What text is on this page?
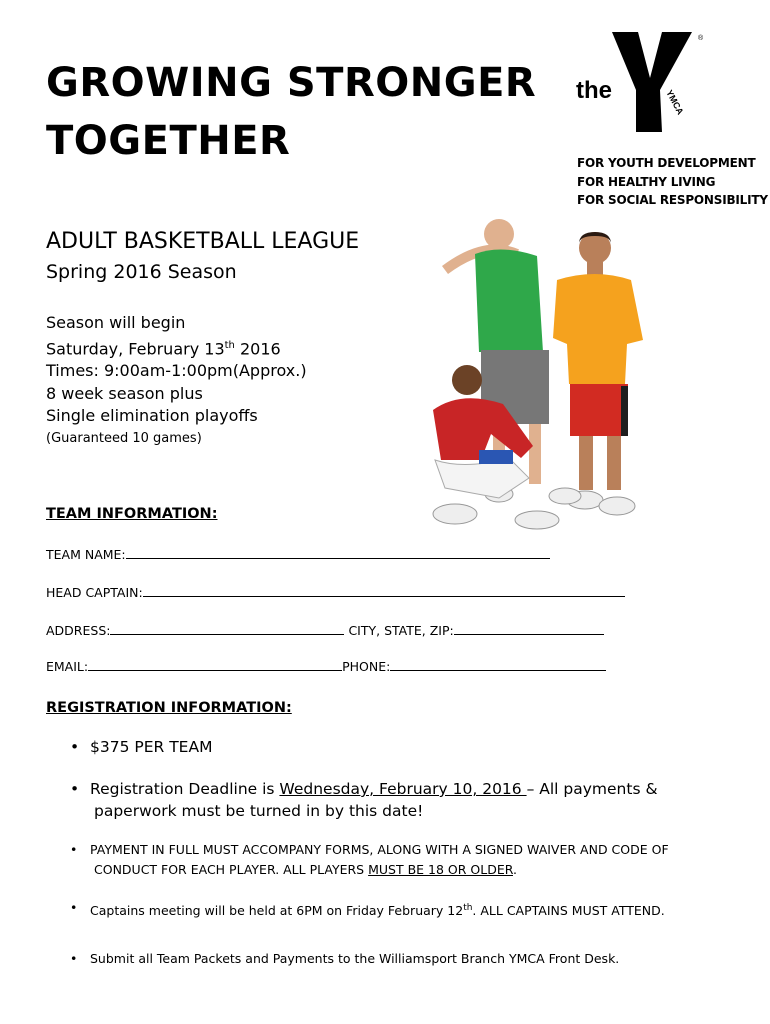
GROWING STRONGER
TOGETHER
the	YMCA
®
FOR YOUTH DEVELOPMENT
FOR HEALTHY LIVING
FOR SOCIAL RESPONSIBILITY
ADULT BASKETBALL LEAGUE
Spring 2016 Season
Season will begin
Saturday, February 13th 2016
Times: 9:00am-1:00pm(Approx.)
8 week season plus
Single elimination playoffs
(Guaranteed 10 games)
TEAM INFORMATION:
TEAM NAME:
HEAD CAPTAIN:
ADDRESS:	CITY, STATE, ZIP:
EMAIL:	PHONE:
REGISTRATION INFORMATION:
• $375 PER TEAM
• Registration Deadline is Wednesday, February 10, 2016 – All payments &
paperwork must be turned in by this date!
• PAYMENT IN FULL MUST ACCOMPANY FORMS, ALONG WITH A SIGNED WAIVER AND CODE OF
CONDUCT FOR EACH PLAYER. ALL PLAYERS MUST BE 18 OR OLDER.
• Captains meeting will be held at 6PM on Friday February 12th. ALL CAPTAINS MUST ATTEND.
• Submit all Team Packets and Payments to the Williamsport Branch YMCA Front Desk.
